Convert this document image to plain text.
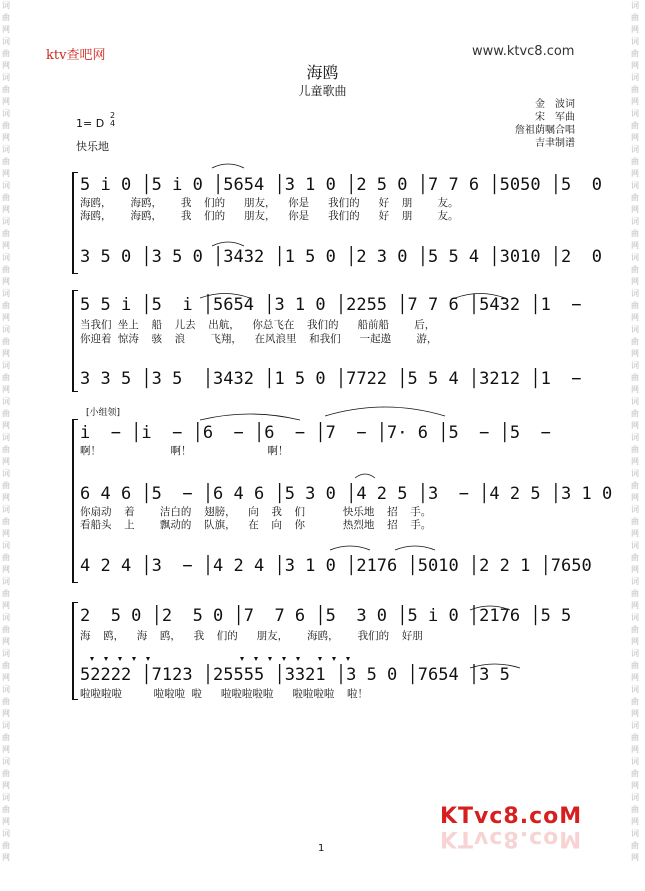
词
曲
网
词
曲
网
词
曲
网
词
曲
网
词
曲
网
词
曲
网
词
曲
网
词
曲
网
词
曲
网
词
曲
网
词
曲
网
词
曲
网
词
曲
网
词
曲
网
词
曲
网
词
曲
网
词
曲
网
词
曲
网
词
曲
网
词
曲
网
词
曲
网
词
曲
网
词
曲
网
词
曲
网
词
曲
网
词
曲
网
词
曲
网
词
曲
网
词
曲
网
词
曲
网
词
曲
网
词
曲
网
词
曲
网
词
曲
网
词
曲
网
词
曲
网
词
曲
网
词
曲
网
词
曲
网
词
曲
网
词
曲
网
词
曲
网
词
曲
网
词
曲
网
词
曲
网
词
曲
网
词
曲
网
词
曲
网
ktv查吧网	www.ktvc8.com
海鸥
儿童歌曲
金　波词
宋　军曲
詹祖荫嘱合唱
吉聿制谱
1= D
2
4
快乐地
5 i 0 │5 i 0 │5654 │3 1 0 │2 5 0 │7 7 6 │5050 │5  0
海鸥，   海鸥，   我  们的   朋友，  你是   我们的   好  朋    友。
海鸥，   海鸥，   我  们的   朋友，  你是   我们的   好  朋    友。
3 5 0 │3 5 0 │3432 │1 5 0 │2 3 0 │5 5 4 │3010 │2  0
5 5 i │5  i │5654 │3 1 0 │2255 │7 7 6 │5432 │1  −
当我们 坐上  船  儿去  出航，  你总飞在  我们的   船前船    后，
你迎着 惊涛  骇  浪    飞翔，  在风浪里  和我们   一起遨    游，
3 3 5 │3 5  │3432 │1 5 0 │7722 │5 5 4 │3212 │1  −
[小组领]
i  − │i  − │6  − │6  − │7  − │7· 6 │5  − │5  −
啊！           啊！            啊！
6 4 6 │5  − │6 4 6 │5 3 0 │4 2 5 │3  − │4 2 5 │3 1 0
你扇动  着    洁白的  翅膀，  向  我  们      快乐地  招  手。
看船头  上    飘动的  队旗，  在  向  你      热烈地  招  手。
4 2 4 │3  − │4 2 4 │3 1 0 │2176 │5010 │2 2 1 │7650
2  5 0 │2  5 0 │7  7 6 │5  3 0 │5 i 0 │2176 │5 5
海  鸥，  海  鸥，  我  们的   朋友，   海鸥，   我们的  好朋
52222 │7123 │25555 │3321 │3 5 0 │7654 │3 5
啦啦啦啦     啦啦啦 啦   啦啦啦啦啦   啦啦啦啦  啦！
KTvc8.coM
KTvc8.coM
1
